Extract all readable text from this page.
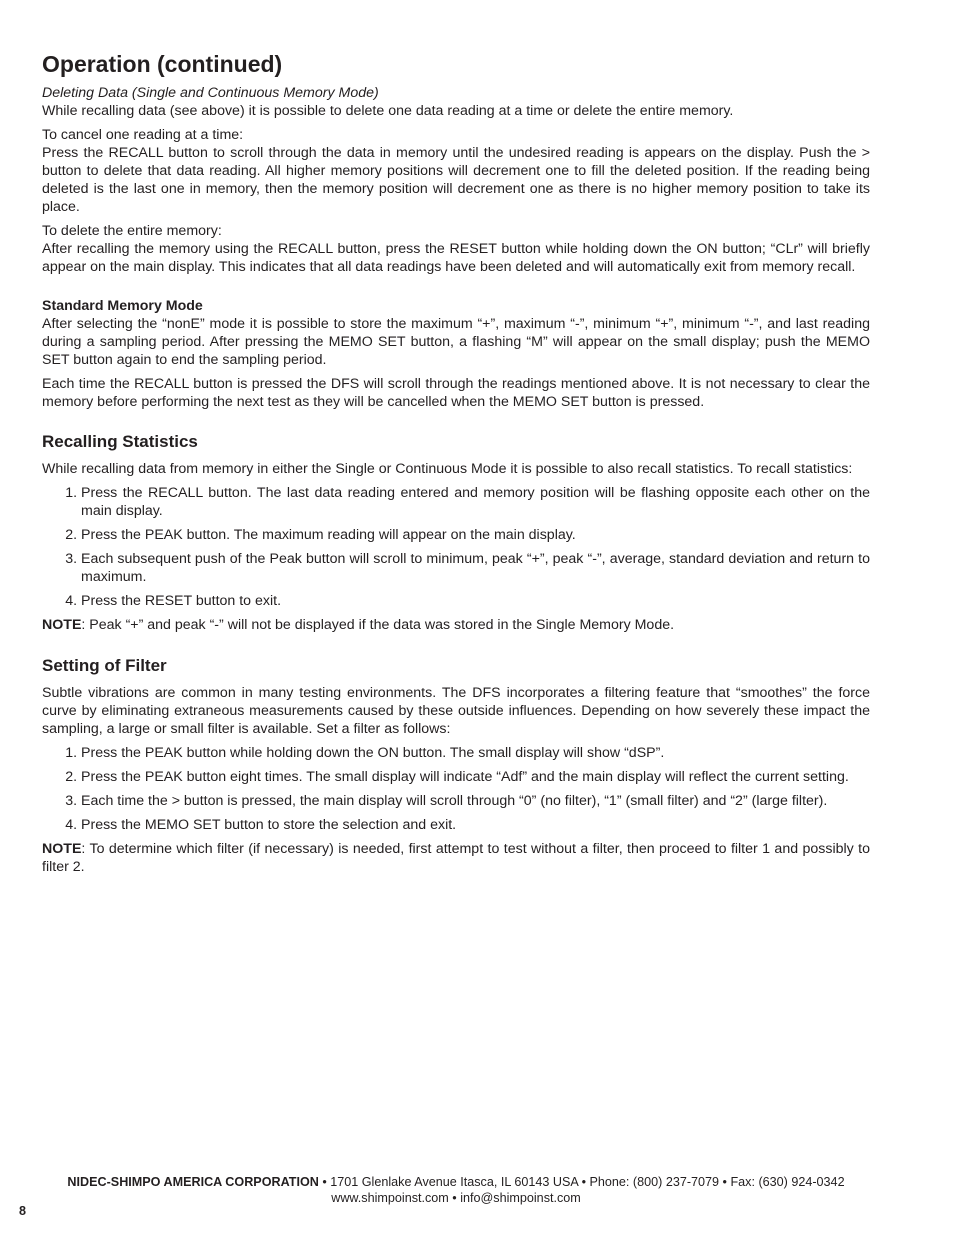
Operation (continued)

Deleting Data (Single and Continuous Memory Mode)

While recalling data (see above) it is possible to delete one data reading at a time or delete the entire memory.

To cancel one reading at a time:

Press the RECALL button to scroll through the data in memory until the undesired reading is appears on the display. Push the > button to delete that data reading. All higher memory positions will decrement one to fill the deleted position. If the reading being deleted is the last one in memory, then the memory position will decrement one as there is no higher memory position to take its place.

To delete the entire memory:

After recalling the memory using the RECALL button, press the RESET button while holding down the ON button; “CLr” will briefly appear on the main display. This indicates that all data readings have been deleted and will automatically exit from memory recall.

Standard Memory Mode

After selecting the “nonE” mode it is possible to store the maximum “+”, maximum “-”, minimum “+”, minimum “-”, and last reading during a sampling period. After pressing the MEMO SET button, a flashing “M” will appear on the small display; push the MEMO SET button again to end the sampling period.

Each time the RECALL button is pressed the DFS will scroll through the readings mentioned above. It is not necessary to clear the memory before performing the next test as they will be cancelled when the MEMO SET button is pressed.

Recalling Statistics

While recalling data from memory in either the Single or Continuous Mode it is possible to also recall statistics. To recall statistics:

1. Press the RECALL button. The last data reading entered and memory position will be flashing opposite each other on the main display.
2. Press the PEAK button. The maximum reading will appear on the main display.
3. Each subsequent push of the Peak button will scroll to minimum, peak “+”, peak “-”, average, standard deviation and return to maximum.
4. Press the RESET button to exit.

NOTE: Peak “+” and peak “-” will not be displayed if the data was stored in the Single Memory Mode.

Setting of Filter

Subtle vibrations are common in many testing environments. The DFS incorporates a filtering feature that “smoothes” the force curve by eliminating extraneous measurements caused by these outside influences. Depending on how severely these impact the sampling, a large or small filter is available. Set a filter as follows:

1. Press the PEAK button while holding down the ON button. The small display will show “dSP”.
2. Press the PEAK button eight times. The small display will indicate “Adf” and the main display will reflect the current setting.
3. Each time the > button is pressed, the main display will scroll through “0” (no filter), “1” (small filter) and “2” (large filter).
4. Press the MEMO SET button to store the selection and exit.

NOTE: To determine which filter (if necessary) is needed, first attempt to test without a filter, then proceed to filter 1 and possibly to filter 2.

NIDEC-SHIMPO AMERICA CORPORATION • 1701 Glenlake Avenue Itasca, IL 60143 USA • Phone: (800) 237-7079 • Fax: (630) 924-0342
www.shimpoinst.com • info@shimpoinst.com
8
